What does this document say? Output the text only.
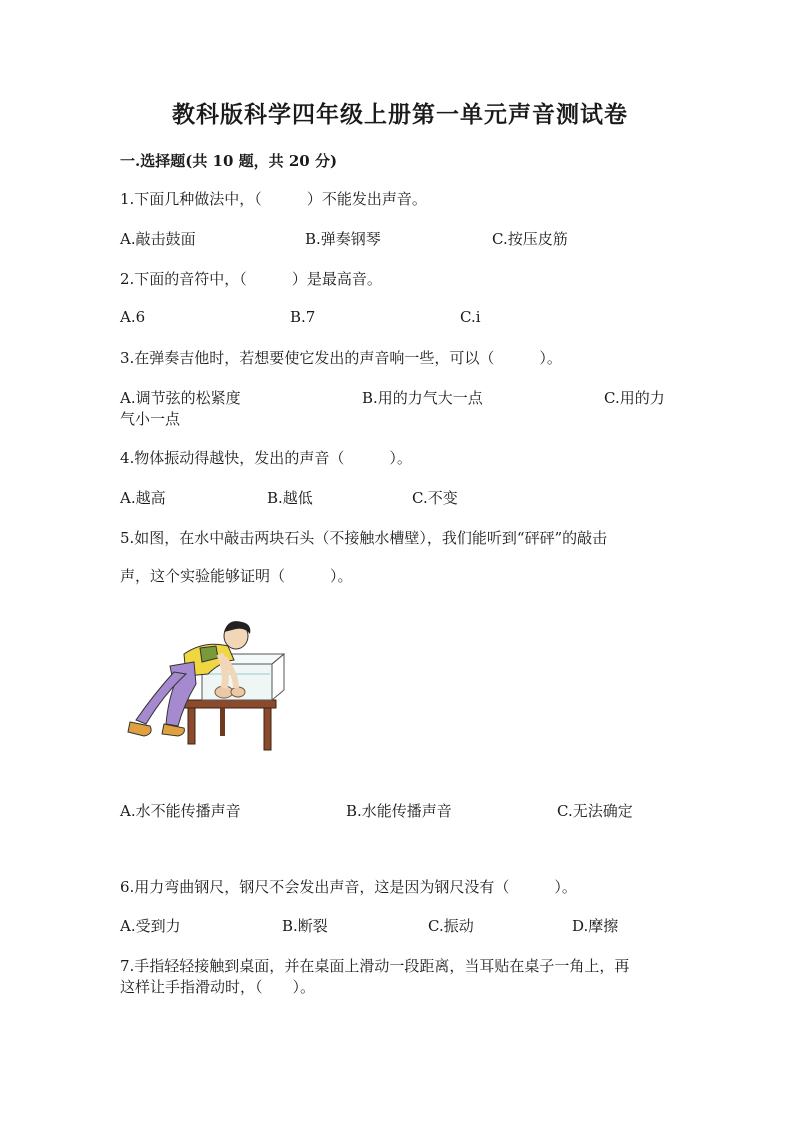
教科版科学四年级上册第一单元声音测试卷
一.选择题(共 10 题，共 20 分)
1.下面几种做法中，（　　　）不能发出声音。
A.敲击鼓面	B.弹奏钢琴	C.按压皮筋
2.下面的音符中，（　　　）是最高音。
A.6	B.7	C.i
3.在弹奏吉他时，若想要使它发出的声音响一些，可以（　　　）。
A.调节弦的松紧度	B.用的力气大一点	C.用的力
气小一点
4.物体振动得越快，发出的声音（　　　）。
A.越高	B.越低	C.不变
5.如图，在水中敲击两块石头（不接触水槽壁），我们能听到“砰砰”的敲击
声，这个实验能够证明（　　　）。
A.水不能传播声音	B.水能传播声音	C.无法确定
6.用力弯曲钢尺，钢尺不会发出声音，这是因为钢尺没有（　　　）。
A.受到力	B.断裂	C.振动	D.摩擦
7.手指轻轻接触到桌面，并在桌面上滑动一段距离，当耳贴在桌子一角上，再
这样让手指滑动时，（　　）。
